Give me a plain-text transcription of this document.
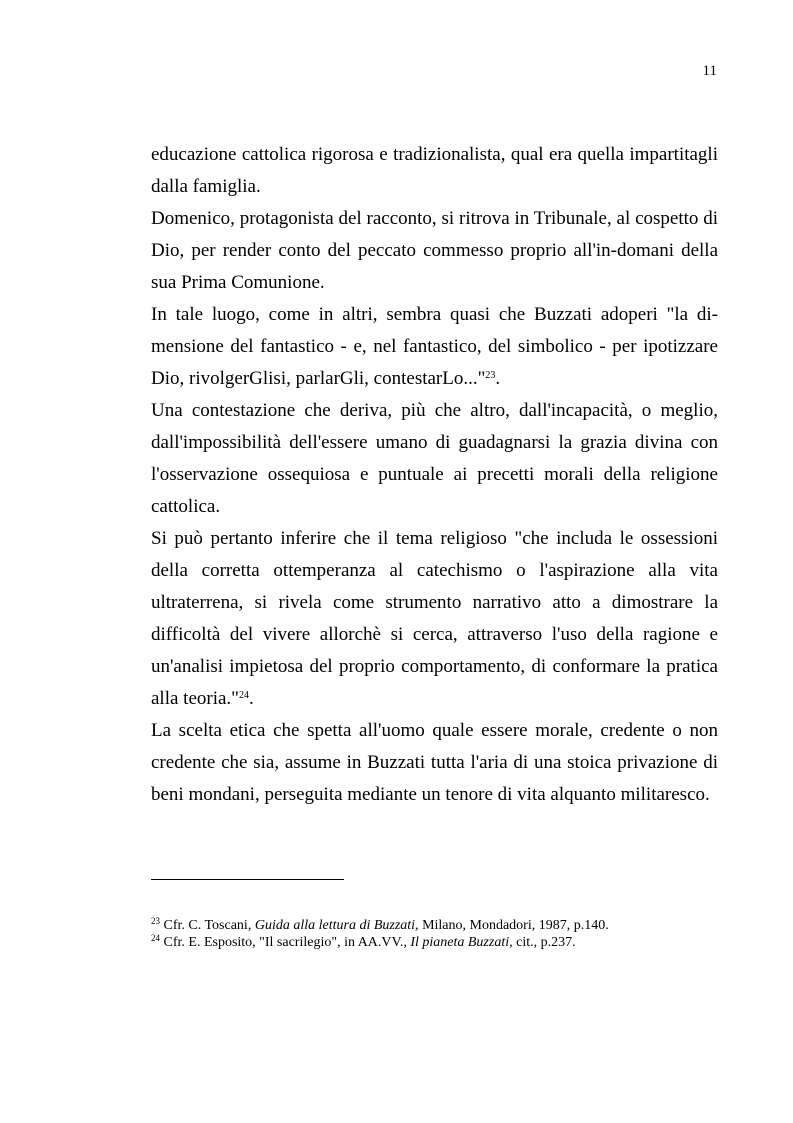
11

educazione cattolica rigorosa e tradizionalista, qual era quella impartitagli dalla famiglia.

Domenico, protagonista del racconto, si ritrova in Tribunale, al cospetto di Dio, per render conto del peccato commesso proprio all'in-domani della sua Prima Comunione.

In tale luogo, come in altri, sembra quasi che Buzzati adoperi "la di-mensione del fantastico - e, nel fantastico, del simbolico - per ipotizzare Dio, rivolgerGlisi, parlarGli, contestarLo..."$^{23}$.

Una contestazione che deriva, più che altro, dall'incapacità, o meglio, dall'impossibilità dell'essere umano di guadagnarsi la grazia divina con l'osservazione ossequiosa e puntuale ai precetti morali della religione cattolica.

Si può pertanto inferire che il tema religioso "che includa le ossessioni della corretta ottemperanza al catechismo o l'aspirazione alla vita ultraterrena, si rivela come strumento narrativo atto a dimostrare la difficoltà del vivere allorchè si cerca, attraverso l'uso della ragione e un'analisi impietosa del proprio comportamento, di conformare la pratica alla teoria."$^{24}$.

La scelta etica che spetta all'uomo quale essere morale, credente o non credente che sia, assume in Buzzati tutta l'aria di una stoica privazione di beni mondani, perseguita mediante un tenore di vita alquanto militaresco.

$^{23}$ Cfr. C. Toscani, Guida alla lettura di Buzzati, Milano, Mondadori, 1987, p.140.

$^{24}$ Cfr. E. Esposito, "Il sacrilegio", in AA.VV., Il pianeta Buzzati, cit., p.237.
